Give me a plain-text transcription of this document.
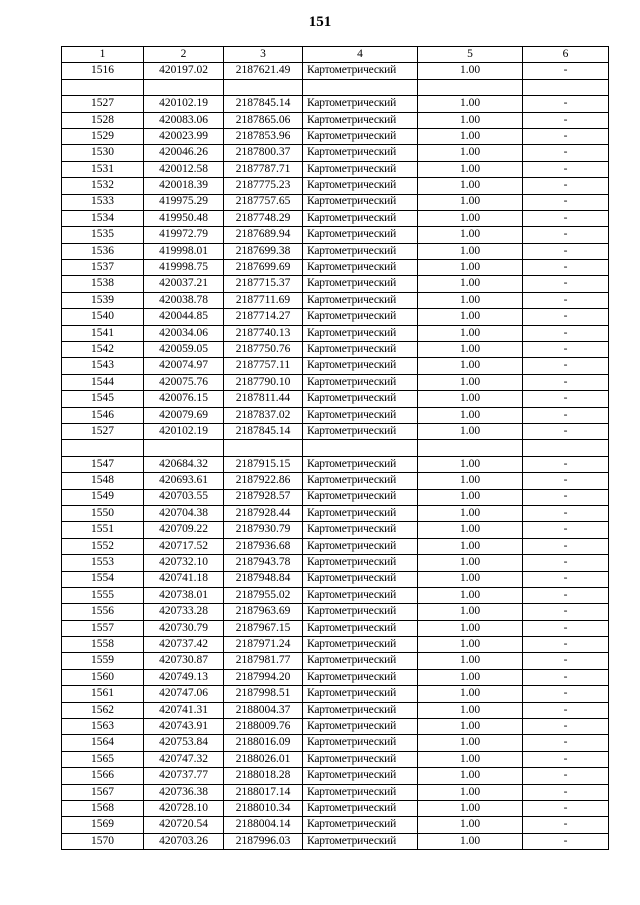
151
1	2	3	4	5	6
1516	420197.02	2187621.49	Картометрический	1.00	-

1527	420102.19	2187845.14	Картометрический	1.00	-
1528	420083.06	2187865.06	Картометрический	1.00	-
1529	420023.99	2187853.96	Картометрический	1.00	-
1530	420046.26	2187800.37	Картометрический	1.00	-
1531	420012.58	2187787.71	Картометрический	1.00	-
1532	420018.39	2187775.23	Картометрический	1.00	-
1533	419975.29	2187757.65	Картометрический	1.00	-
1534	419950.48	2187748.29	Картометрический	1.00	-
1535	419972.79	2187689.94	Картометрический	1.00	-
1536	419998.01	2187699.38	Картометрический	1.00	-
1537	419998.75	2187699.69	Картометрический	1.00	-
1538	420037.21	2187715.37	Картометрический	1.00	-
1539	420038.78	2187711.69	Картометрический	1.00	-
1540	420044.85	2187714.27	Картометрический	1.00	-
1541	420034.06	2187740.13	Картометрический	1.00	-
1542	420059.05	2187750.76	Картометрический	1.00	-
1543	420074.97	2187757.11	Картометрический	1.00	-
1544	420075.76	2187790.10	Картометрический	1.00	-
1545	420076.15	2187811.44	Картометрический	1.00	-
1546	420079.69	2187837.02	Картометрический	1.00	-
1527	420102.19	2187845.14	Картометрический	1.00	-

1547	420684.32	2187915.15	Картометрический	1.00	-
1548	420693.61	2187922.86	Картометрический	1.00	-
1549	420703.55	2187928.57	Картометрический	1.00	-
1550	420704.38	2187928.44	Картометрический	1.00	-
1551	420709.22	2187930.79	Картометрический	1.00	-
1552	420717.52	2187936.68	Картометрический	1.00	-
1553	420732.10	2187943.78	Картометрический	1.00	-
1554	420741.18	2187948.84	Картометрический	1.00	-
1555	420738.01	2187955.02	Картометрический	1.00	-
1556	420733.28	2187963.69	Картометрический	1.00	-
1557	420730.79	2187967.15	Картометрический	1.00	-
1558	420737.42	2187971.24	Картометрический	1.00	-
1559	420730.87	2187981.77	Картометрический	1.00	-
1560	420749.13	2187994.20	Картометрический	1.00	-
1561	420747.06	2187998.51	Картометрический	1.00	-
1562	420741.31	2188004.37	Картометрический	1.00	-
1563	420743.91	2188009.76	Картометрический	1.00	-
1564	420753.84	2188016.09	Картометрический	1.00	-
1565	420747.32	2188026.01	Картометрический	1.00	-
1566	420737.77	2188018.28	Картометрический	1.00	-
1567	420736.38	2188017.14	Картометрический	1.00	-
1568	420728.10	2188010.34	Картометрический	1.00	-
1569	420720.54	2188004.14	Картометрический	1.00	-
1570	420703.26	2187996.03	Картометрический	1.00	-
